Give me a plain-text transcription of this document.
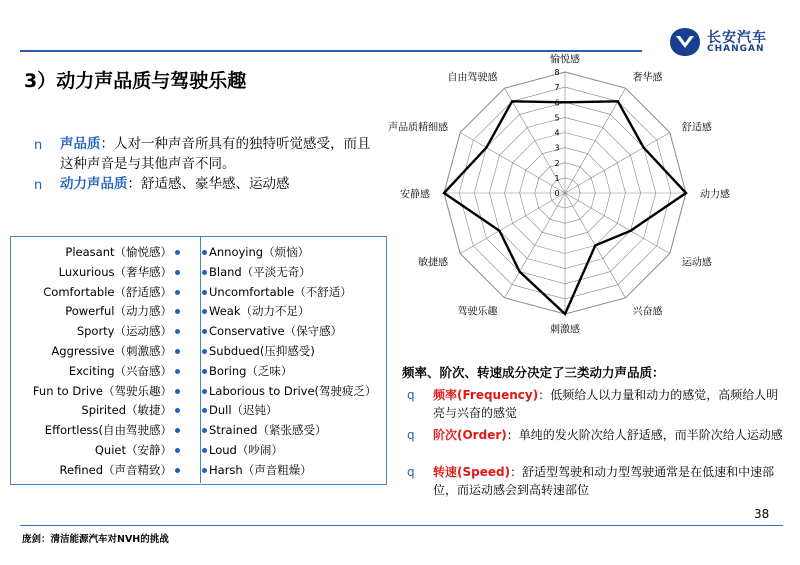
长安汽车
CHANGAN
3）动力声品质与驾驶乐趣
n 声品质：人对一种声音所具有的独特听觉感受，而且这种声音是与其他声音不同。
n 动力声品质：舒适感、豪华感、运动感
Pleasant（愉悦感）	Annoying（烦恼）
Luxurious（奢华感）	Bland（平淡无奇）
Comfortable（舒适感）	Uncomfortable（不舒适）
Powerful（动力感）	Weak（动力不足）
Sporty（运动感）	Conservative（保守感）
Aggressive（刺激感）	Subdued(压抑感受)
Exciting（兴奋感）	Boring（乏味）
Fun to Drive（驾驶乐趣）	Laborious to Drive(驾驶疲乏）
Spirited（敏捷）	Dull（迟钝）
Effortless(自由驾驶感）	Strained（紧张感受）
Quiet（安静）	Loud（吵闹）
Refined（声音精致）	Harsh（声音粗燥）
0
1
2
3
4
5
6
7
8
愉悦感
奢华感
舒适感
动力感
运动感
兴奋感
刺激感
驾驶乐趣
敏捷感
安静感
声品质精细感
自由驾驶感
频率、阶次、转速成分决定了三类动力声品质：
q 频率(Frequency)：低频给人以力量和动力的感觉，高频给人明亮与兴奋的感觉
q 阶次(Order)：单纯的发火阶次给人舒适感，而半阶次给人运动感
q 转速(Speed)：舒适型驾驶和动力型驾驶通常是在低速和中速部位，而运动感会到高转速部位
38
庞剑：清洁能源汽车对NVH的挑战
